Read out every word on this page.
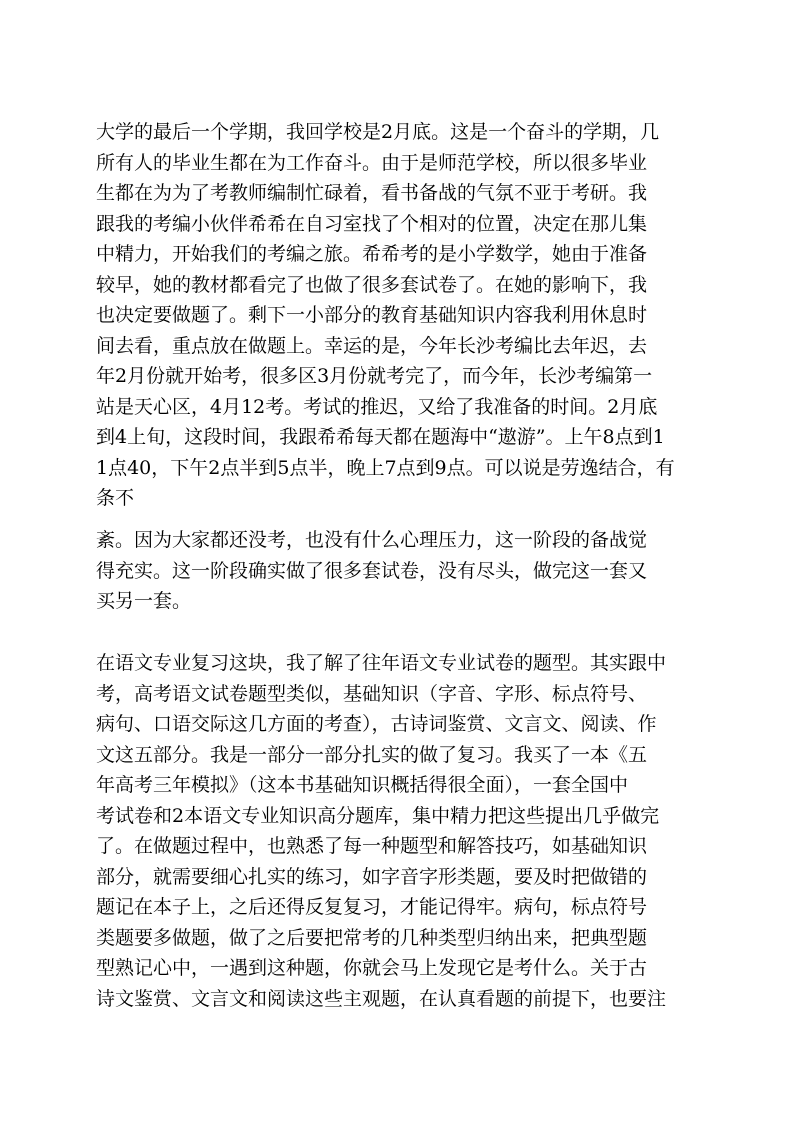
大学的最后一个学期，我回学校是2月底。这是一个奋斗的学期，几
所有人的毕业生都在为工作奋斗。由于是师范学校，所以很多毕业
生都在为为了考教师编制忙碌着，看书备战的气氛不亚于考研。我
跟我的考编小伙伴希希在自习室找了个相对的位置，决定在那儿集
中精力，开始我们的考编之旅。希希考的是小学数学，她由于准备
较早，她的教材都看完了也做了很多套试卷了。在她的影响下，我
也决定要做题了。剩下一小部分的教育基础知识内容我利用休息时
间去看，重点放在做题上。幸运的是，今年长沙考编比去年迟，去
年2月份就开始考，很多区3月份就考完了，而今年，长沙考编第一
站是天心区，4月12考。考试的推迟，又给了我准备的时间。2月底
到4上旬，这段时间，我跟希希每天都在题海中“遨游”。上午8点到1
1点40，下午2点半到5点半，晚上7点到9点。可以说是劳逸结合，有
条不
紊。因为大家都还没考，也没有什么心理压力，这一阶段的备战觉
得充实。这一阶段确实做了很多套试卷，没有尽头，做完这一套又
买另一套。
在语文专业复习这块，我了解了往年语文专业试卷的题型。其实跟中
考，高考语文试卷题型类似，基础知识（字音、字形、标点符号、
病句、口语交际这几方面的考查），古诗词鉴赏、文言文、阅读、作
文这五部分。我是一部分一部分扎实的做了复习。我买了一本《五
年高考三年模拟》（这本书基础知识概括得很全面），一套全国中
考试卷和2本语文专业知识高分题库，集中精力把这些提出几乎做完
了。在做题过程中，也熟悉了每一种题型和解答技巧，如基础知识
部分，就需要细心扎实的练习，如字音字形类题，要及时把做错的
题记在本子上，之后还得反复复习，才能记得牢。病句，标点符号
类题要多做题，做了之后要把常考的几种类型归纳出来，把典型题
型熟记心中，一遇到这种题，你就会马上发现它是考什么。关于古
诗文鉴赏、文言文和阅读这些主观题，在认真看题的前提下，也要注
